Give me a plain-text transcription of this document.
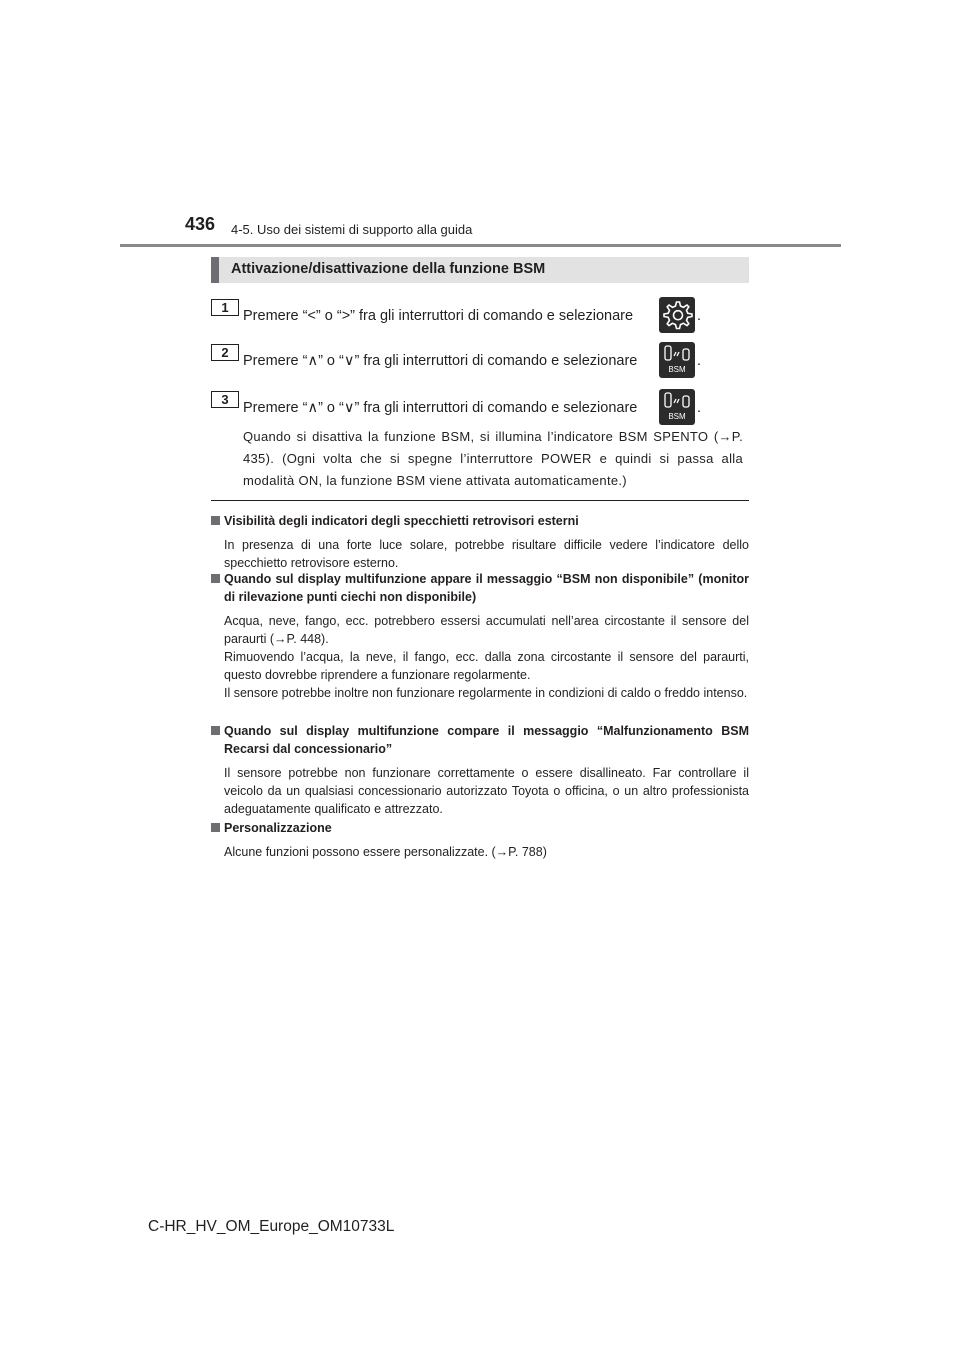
436 4-5. Uso dei sistemi di supporto alla guida
Attivazione/disattivazione della funzione BSM
1
Premere “<” o “>” fra gli interruttori di comando e selezionare	.
2
Premere “∧” o “∨” fra gli interruttori di comando e selezionare
BSM
.
3
Premere “∧” o “∨” fra gli interruttori di comando e selezionare
BSM
.
Quando si disattiva la funzione BSM, si illumina l’indicatore BSM SPENTO (→P. 435). (Ogni volta che si spegne l’interruttore POWER e quindi si passa alla modalità ON, la funzione BSM viene attivata automaticamente.)
Visibilità degli indicatori degli specchietti retrovisori esterni

In presenza di una forte luce solare, potrebbe risultare difficile vedere l’indicatore dello specchietto retrovisore esterno.

Quando sul display multifunzione appare il messaggio “BSM non disponibile” (monitor di rilevazione punti ciechi non disponibile)

Acqua, neve, fango, ecc. potrebbero essersi accumulati nell’area circostante il sensore del paraurti (→P. 448).

Rimuovendo l’acqua, la neve, il fango, ecc. dalla zona circostante il sensore del paraurti, questo dovrebbe riprendere a funzionare regolarmente.

Il sensore potrebbe inoltre non funzionare regolarmente in condizioni di caldo o freddo intenso.

Quando sul display multifunzione compare il messaggio “Malfunzionamento BSM Recarsi dal concessionario”

Il sensore potrebbe non funzionare correttamente o essere disallineato. Far controllare il veicolo da un qualsiasi concessionario autorizzato Toyota o officina, o un altro professionista adeguatamente qualificato e attrezzato.

Personalizzazione

Alcune funzioni possono essere personalizzate. (→P. 788)

C-HR_HV_OM_Europe_OM10733L
